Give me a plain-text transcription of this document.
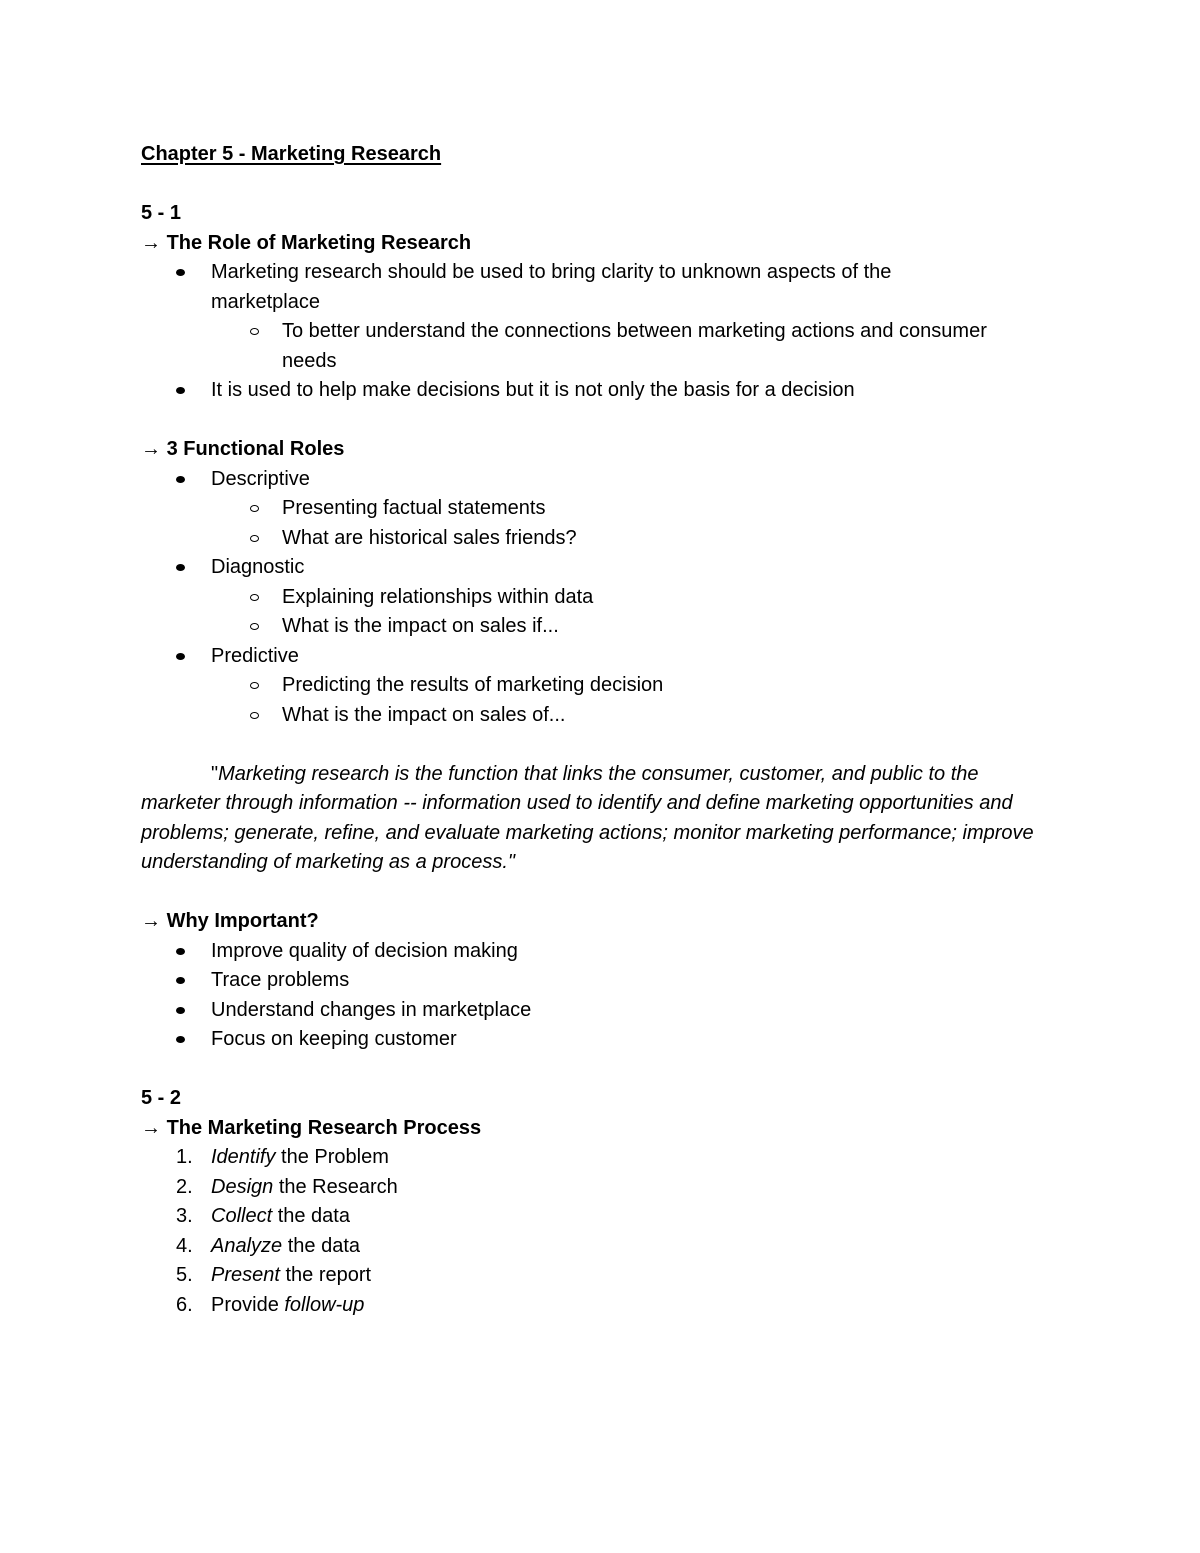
Chapter 5 - Marketing Research
5 - 1
→ The Role of Marketing Research
Marketing research should be used to bring clarity to unknown aspects of the
marketplace
To better understand the connections between marketing actions and consumer
needs
It is used to help make decisions but it is not only the basis for a decision
→ 3 Functional Roles
Descriptive
Presenting factual statements
What are historical sales friends?
Diagnostic
Explaining relationships within data
What is the impact on sales if...
Predictive
Predicting the results of marketing decision
What is the impact on sales of...
"Marketing research is the function that links the consumer, customer, and public to the marketer through information -- information used to identify and define marketing opportunities and problems; generate, refine, and evaluate marketing actions; monitor marketing performance; improve understanding of marketing as a process."
→ Why Important?
Improve quality of decision making
Trace problems
Understand changes in marketplace
Focus on keeping customer
5 - 2
→ The Marketing Research Process
1. Identify the Problem
2. Design the Research
3. Collect the data
4. Analyze the data
5. Present the report
6. Provide follow-up
